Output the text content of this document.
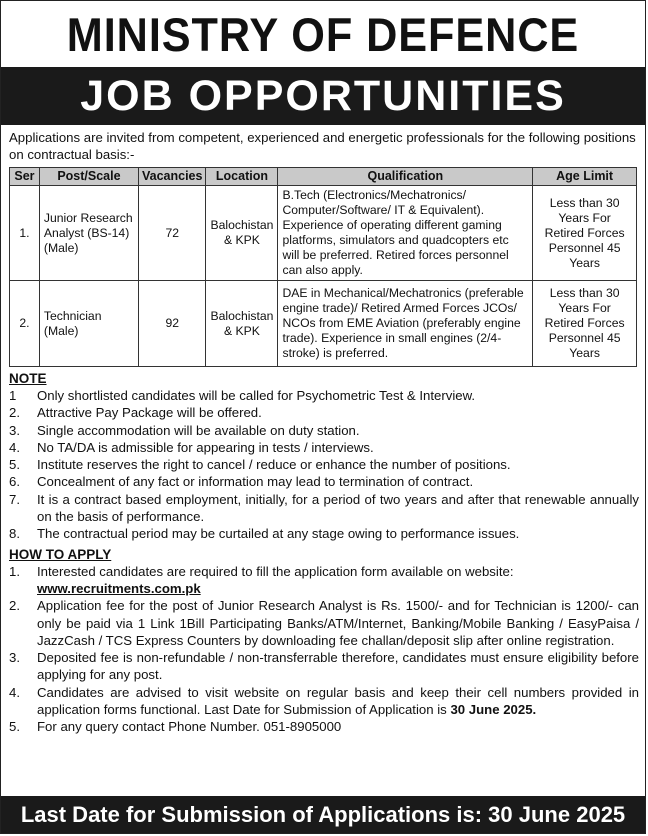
MINISTRY OF DEFENCE
JOB OPPORTUNITIES
Applications are invited from competent, experienced and energetic professionals for the following positions on contractual basis:-
Ser	Post/Scale	Vacancies	Location	Qualification	Age Limit
1.	Junior Research Analyst (BS-14) (Male)	72	Balochistan & KPK	B.Tech (Electronics/Mechatronics/ Computer/Software/ IT & Equivalent). Experience of operating different gaming platforms, simulators and quadcopters etc will be preferred. Retired forces personnel can also apply.	Less than 30 Years For Retired Forces Personnel 45 Years
2.	Technician (Male)	92	Balochistan & KPK	DAE in Mechanical/Mechatronics (preferable engine trade)/ Retired Armed Forces JCOs/ NCOs from EME Aviation (preferably engine trade). Experience in small engines (2/4-stroke) is preferred.	Less than 30 Years For Retired Forces Personnel 45 Years
NOTE
1	Only shortlisted candidates will be called for Psychometric Test & Interview.
2.	Attractive Pay Package will be offered.
3.	Single accommodation will be available on duty station.
4.	No TA/DA is admissible for appearing in tests / interviews.
5.	Institute reserves the right to cancel / reduce or enhance the number of positions.
6.	Concealment of any fact or information may lead to termination of contract.
7.	It is a contract based employment, initially, for a period of two years and after that renewable annually on the basis of performance.
8.	The contractual period may be curtailed at any stage owing to performance issues.
HOW TO APPLY
1.	Interested candidates are required to fill the application form available on website:
www.recruitments.com.pk
2.	Application fee for the post of Junior Research Analyst is Rs. 1500/- and for Technician is 1200/- can only be paid via 1 Link 1Bill Participating Banks/ATM/Internet, Banking/Mobile Banking / EasyPaisa / JazzCash / TCS Express Counters by downloading fee challan/deposit slip after online registration.
3.	Deposited fee is non-refundable / non-transferrable therefore, candidates must ensure eligibility before applying for any post.
4.	Candidates are advised to visit website on regular basis and keep their cell numbers provided in application forms functional. Last Date for Submission of Application is 30 June 2025.
5.	For any query contact Phone Number. 051-8905000
Last Date for Submission of Applications is: 30 June 2025
